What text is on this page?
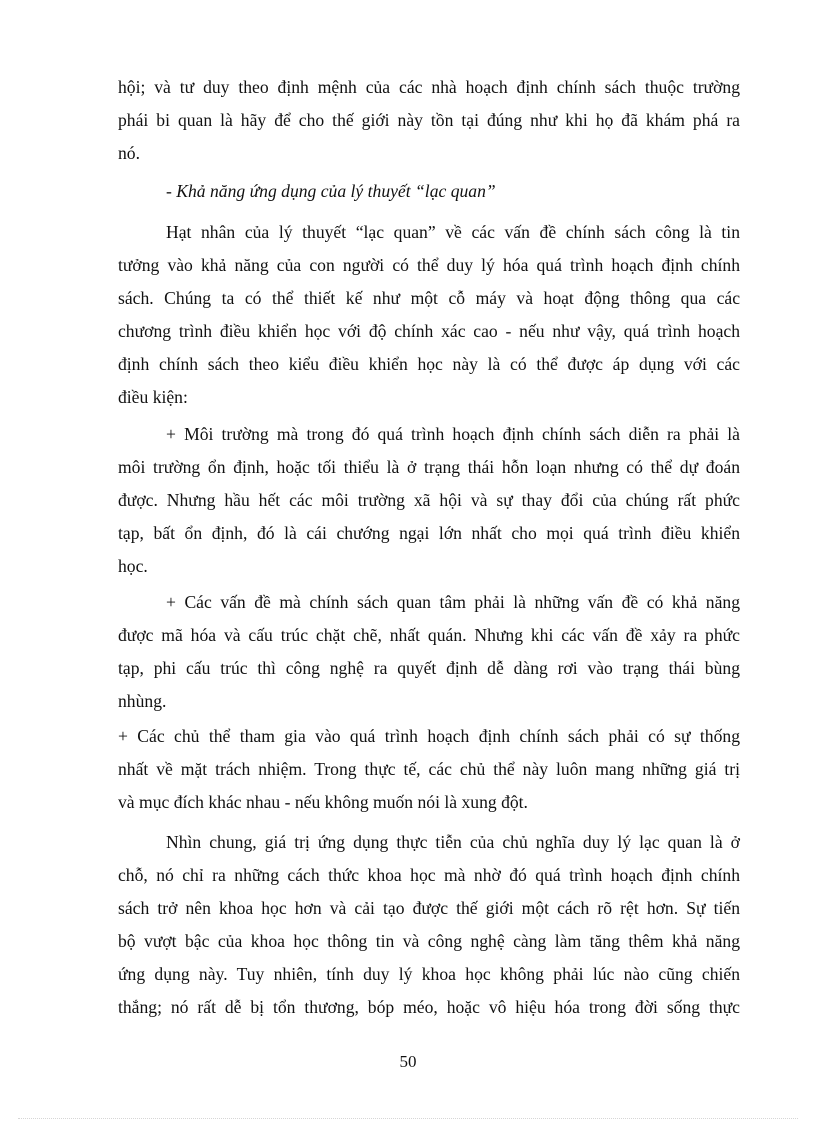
hội; và tư duy theo định mệnh của các nhà hoạch định chính sách thuộc trường
phái bi quan là hãy để cho thế giới này tồn tại đúng như khi họ đã khám phá ra
nó.
- Khả năng ứng dụng của lý thuyết “lạc quan”
Hạt nhân của lý thuyết “lạc quan” về các vấn đề chính sách công là tin
tưởng vào khả năng của con người có thể duy lý hóa quá trình hoạch định chính
sách. Chúng ta có thể thiết kế như một cỗ máy và hoạt động thông qua các
chương trình điều khiển học với độ chính xác cao - nếu như vậy, quá trình hoạch
định chính sách theo kiểu điều khiển học này là có thể được áp dụng với các
điều kiện:
+ Môi trường mà trong đó quá trình hoạch định chính sách diễn ra phải là
môi trường ổn định, hoặc tối thiểu là ở trạng thái hỗn loạn nhưng có thể dự đoán
được. Nhưng hầu hết các môi trường xã hội và sự thay đổi của chúng rất phức
tạp, bất ổn định, đó là cái chướng ngại lớn nhất cho mọi quá trình điều khiển
học.
+ Các vấn đề mà chính sách quan tâm phải là những vấn đề có khả năng
được mã hóa và cấu trúc chặt chẽ, nhất quán. Nhưng khi các vấn đề xảy ra phức
tạp, phi cấu trúc thì công nghệ ra quyết định dễ dàng rơi vào trạng thái bùng
nhùng.
+ Các chủ thể tham gia vào quá trình hoạch định chính sách phải có sự thống
nhất về mặt trách nhiệm. Trong thực tế, các chủ thể này luôn mang những giá trị
và mục đích khác nhau - nếu không muốn nói là xung đột.
Nhìn chung, giá trị ứng dụng thực tiễn của chủ nghĩa duy lý lạc quan là ở
chỗ, nó chỉ ra những cách thức khoa học mà nhờ đó quá trình hoạch định chính
sách trở nên khoa học hơn và cải tạo được thế giới một cách rõ rệt hơn. Sự tiến
bộ vượt bậc của khoa học thông tin và công nghệ càng làm tăng thêm khả năng
ứng dụng này. Tuy nhiên, tính duy lý khoa học không phải lúc nào cũng chiến
thắng; nó rất dễ bị tổn thương, bóp méo, hoặc vô hiệu hóa trong đời sống thực
50
